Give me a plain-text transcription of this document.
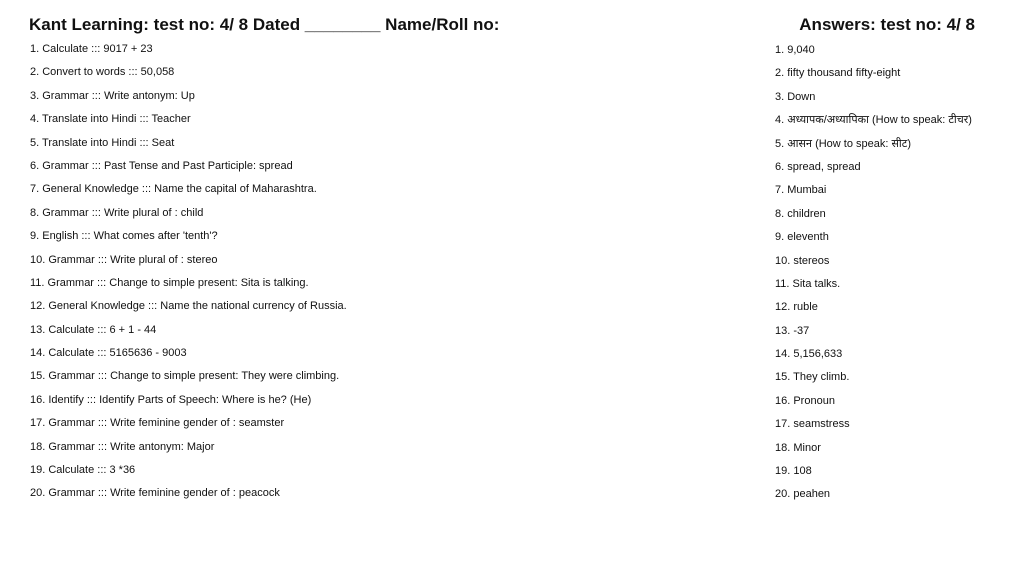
Kant Learning: test no: 4/ 8 Dated ________ Name/Roll no:	Answers: test no: 4/ 8
1. Calculate ::: 9017 + 23
2. Convert to words ::: 50,058
3. Grammar ::: Write antonym: Up
4. Translate into Hindi ::: Teacher
5. Translate into Hindi ::: Seat
6. Grammar ::: Past Tense and Past Participle: spread
7. General Knowledge ::: Name the capital of Maharashtra.
8. Grammar ::: Write plural of : child
9. English ::: What comes after 'tenth'?
10. Grammar ::: Write plural of : stereo
11. Grammar ::: Change to simple present: Sita is talking.
12. General Knowledge ::: Name the national currency of Russia.
13. Calculate ::: 6 + 1 - 44
14. Calculate ::: 5165636 - 9003
15. Grammar ::: Change to simple present: They were climbing.
16. Identify ::: Identify Parts of Speech: Where is he? (He)
17. Grammar ::: Write feminine gender of : seamster
18. Grammar ::: Write antonym: Major
19. Calculate ::: 3 *36
20. Grammar ::: Write feminine gender of : peacock
1. 9,040
2. fifty thousand fifty-eight
3. Down
4. अध्यापक/अध्यापिका (How to speak: टीचर)
5. आसन (How to speak: सीट)
6. spread, spread
7. Mumbai
8. children
9. eleventh
10. stereos
11. Sita talks.
12. ruble
13. -37
14. 5,156,633
15. They climb.
16. Pronoun
17. seamstress
18. Minor
19. 108
20. peahen
